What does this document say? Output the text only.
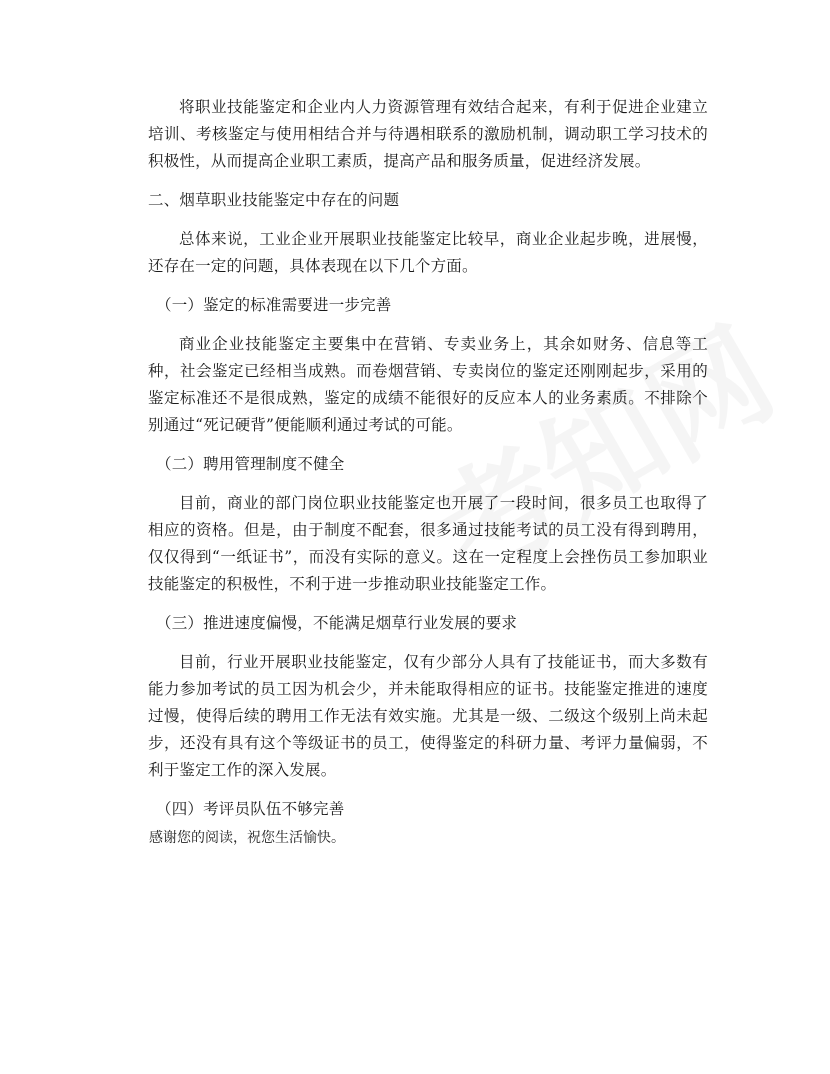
将职业技能鉴定和企业内人力资源管理有效结合起来，有利于促进企业建立培训、考核鉴定与使用相结合并与待遇相联系的激励机制，调动职工学习技术的积极性，从而提高企业职工素质，提高产品和服务质量，促进经济发展。

二、烟草职业技能鉴定中存在的问题

总体来说，工业企业开展职业技能鉴定比较早，商业企业起步晚，进展慢，还存在一定的问题，具体表现在以下几个方面。

（一）鉴定的标准需要进一步完善

商业企业技能鉴定主要集中在营销、专卖业务上，其余如财务、信息等工种，社会鉴定已经相当成熟。而卷烟营销、专卖岗位的鉴定还刚刚起步，采用的鉴定标准还不是很成熟，鉴定的成绩不能很好的反应本人的业务素质。不排除个别通过“死记硬背”便能顺利通过考试的可能。

（二）聘用管理制度不健全

目前，商业的部门岗位职业技能鉴定也开展了一段时间，很多员工也取得了相应的资格。但是，由于制度不配套，很多通过技能考试的员工没有得到聘用，仅仅得到“一纸证书”，而没有实际的意义。这在一定程度上会挫伤员工参加职业技能鉴定的积极性，不利于进一步推动职业技能鉴定工作。

（三）推进速度偏慢，不能满足烟草行业发展的要求

目前，行业开展职业技能鉴定，仅有少部分人具有了技能证书，而大多数有能力参加考试的员工因为机会少，并未能取得相应的证书。技能鉴定推进的速度过慢，使得后续的聘用工作无法有效实施。尤其是一级、二级这个级别上尚未起步，还没有具有这个等级证书的员工，使得鉴定的科研力量、考评力量偏弱，不利于鉴定工作的深入发展。

（四）考评员队伍不够完善

感谢您的阅读，祝您生活愉快。
